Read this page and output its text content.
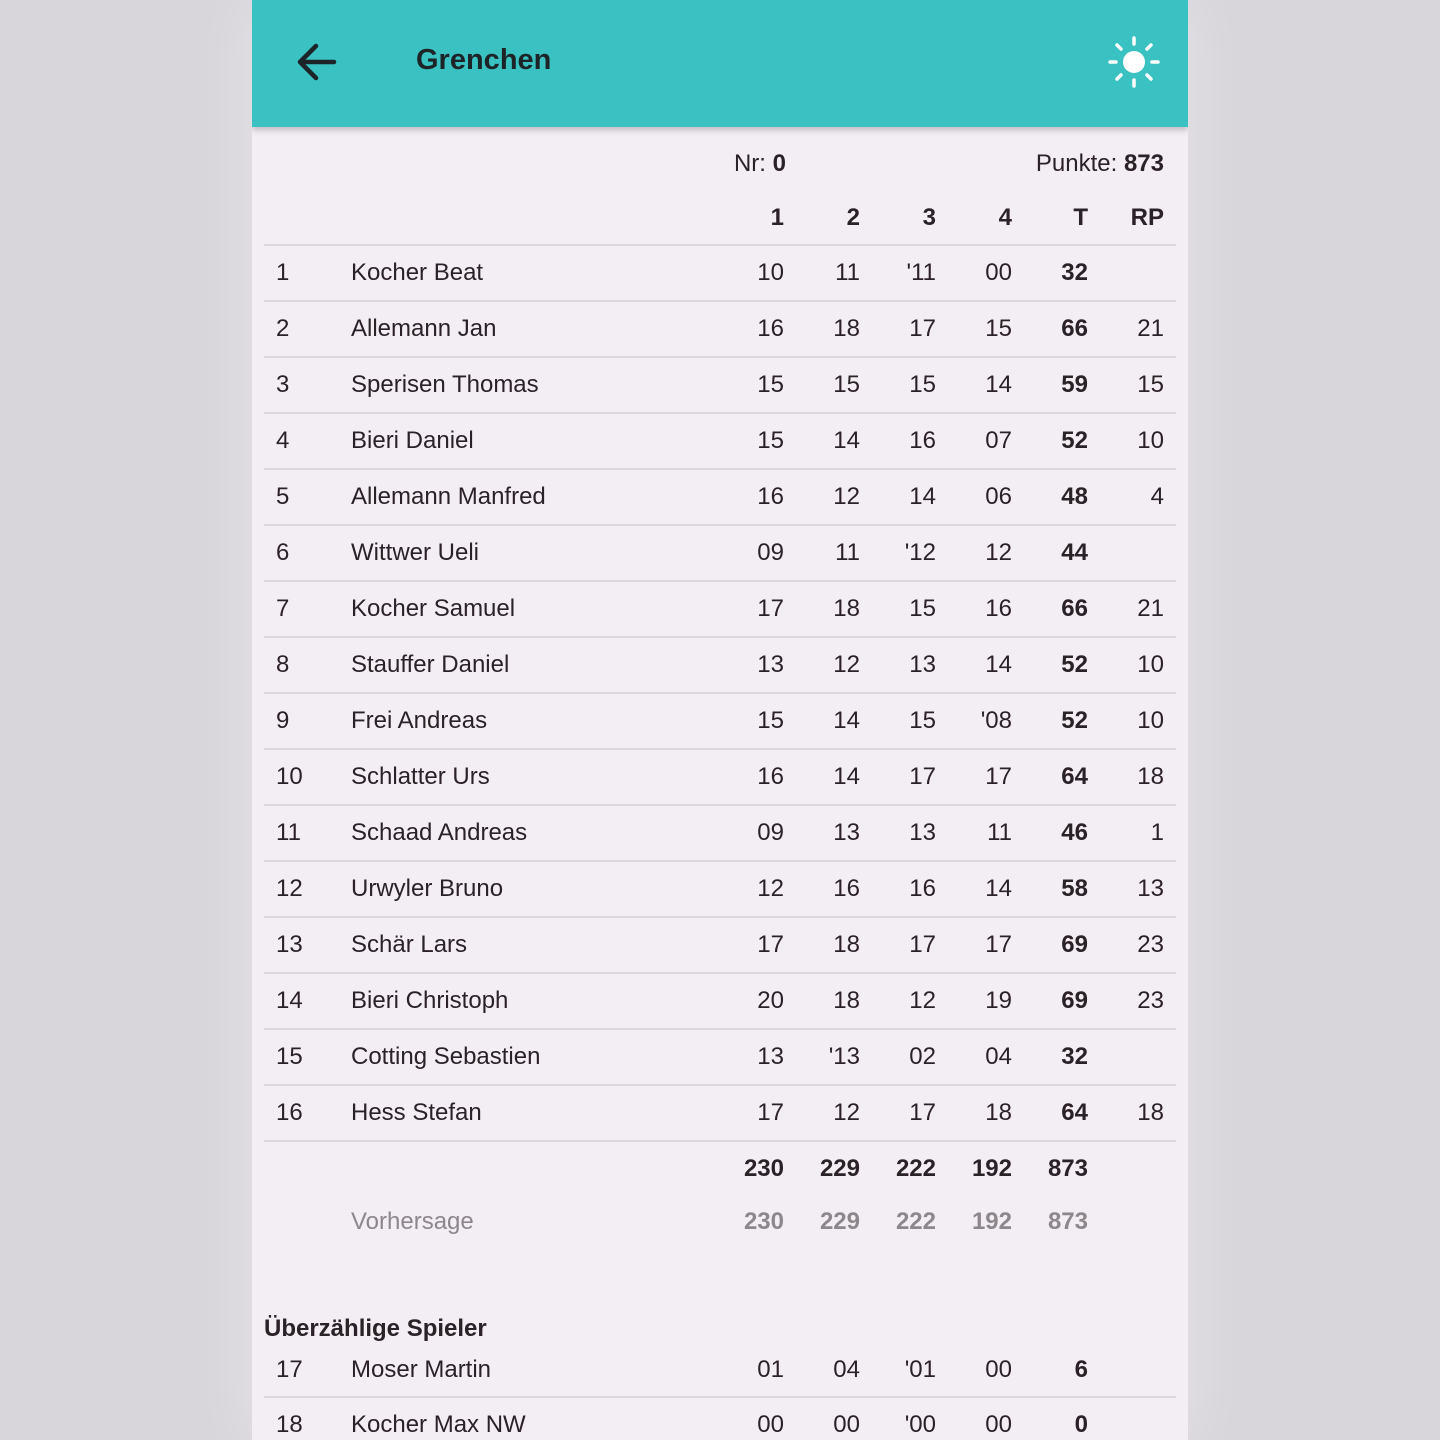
Grenchen
Nr: 0	Punkte: 873
1	2	3	4	T RP
1	Kocher Beat	10 11 '11 00 32
2	Allemann Jan	16 18 17 15 66 21
3	Sperisen Thomas	15 15 15 14 59 15
4	Bieri Daniel	15 14 16 07 52 10
5	Allemann Manfred	16 12 14 06 48	4
6	Wittwer Ueli	09 11 '12 12 44
7	Kocher Samuel	17 18 15 16 66 21
8	Stauffer Daniel	13 12 13 14 52 10
9	Frei Andreas	15 14 15 '08 52 10
10 Schlatter Urs	16 14 17 17 64 18
11 Schaad Andreas	09 13 13 11 46	1
12 Urwyler Bruno	12 16 16 14 58 13
13 Schär Lars	17 18 17 17 69 23
14 Bieri Christoph	20 18 12 19 69 23
15 Cotting Sebastien	13 '13 02 04 32
16 Hess Stefan	17 12 17 18 64 18
230 229 222 192 873
Vorhersage	230 229 222 192 873
Überzählige Spieler
17 Moser Martin	01 04 '01 00	6
18 Kocher Max NW	00 00 '00 00	0
